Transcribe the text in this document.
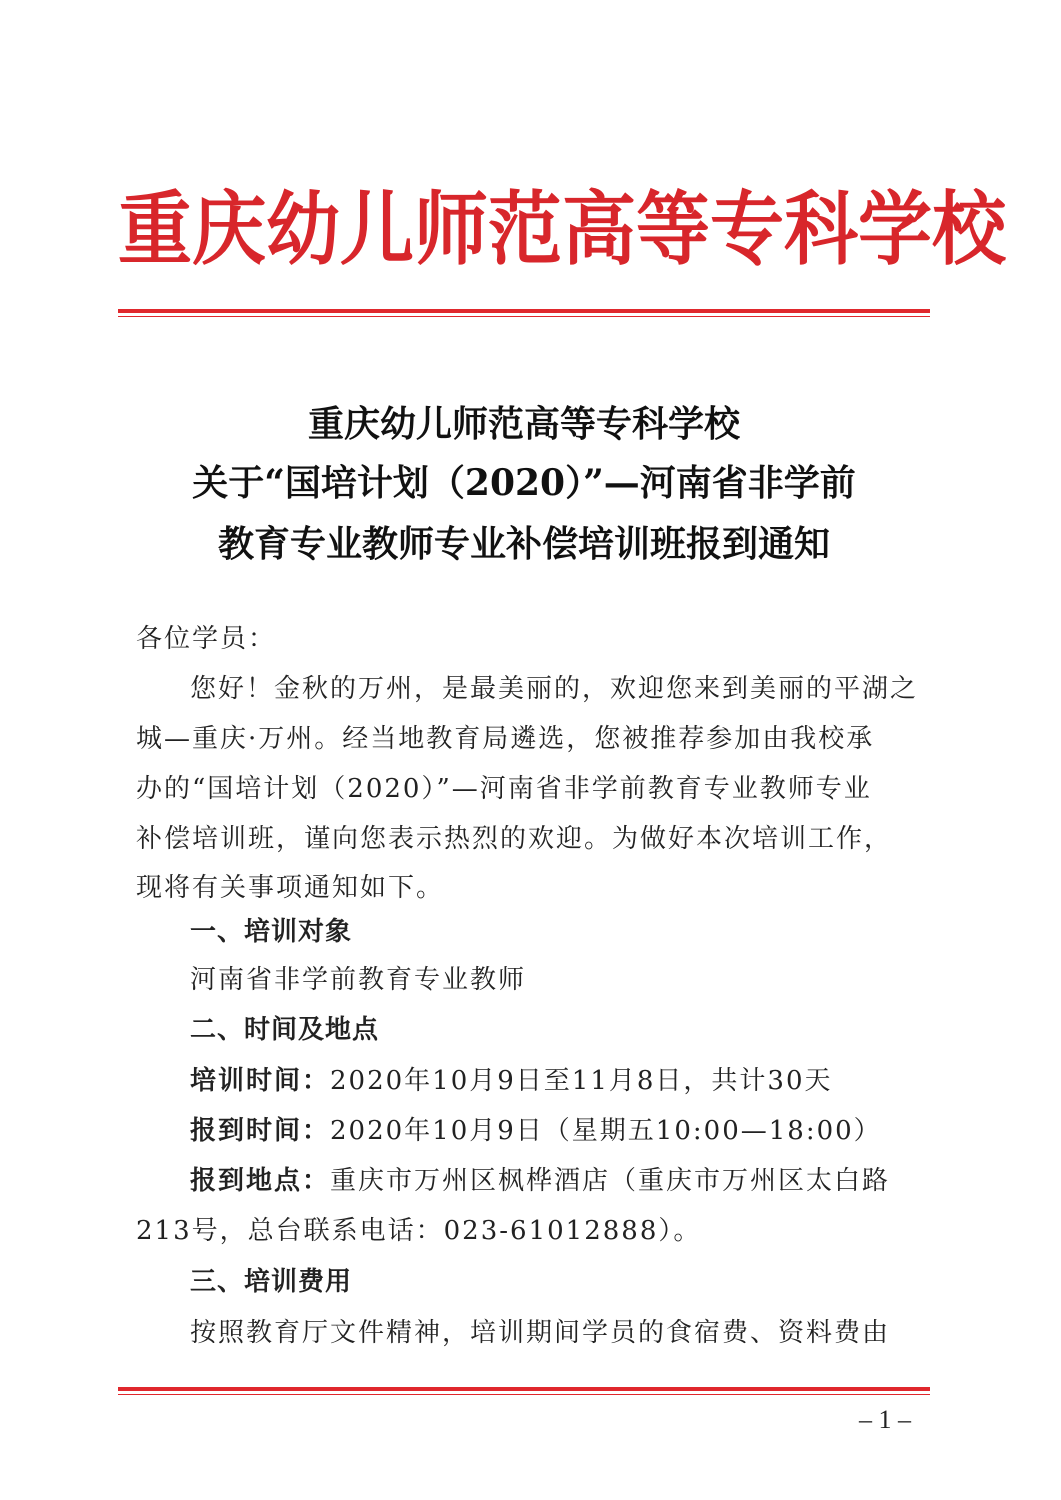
重庆幼儿师范高等专科学校
重庆幼儿师范高等专科学校
关于“国培计划（2020）”—河南省非学前
教育专业教师专业补偿培训班报到通知
各位学员：
您好！金秋的万州，是最美丽的，欢迎您来到美丽的平湖之
城—重庆·万州。经当地教育局遴选，您被推荐参加由我校承
办的“国培计划（2020）”—河南省非学前教育专业教师专业
补偿培训班，谨向您表示热烈的欢迎。为做好本次培训工作，
现将有关事项通知如下。
一、培训对象
河南省非学前教育专业教师
二、时间及地点
培训时间：2020年10月9日至11月8日，共计30天
报到时间：2020年10月9日（星期五10:00—18:00）
报到地点：重庆市万州区枫桦酒店（重庆市万州区太白路
213号，总台联系电话：023-61012888）。
三、培训费用
按照教育厅文件精神，培训期间学员的食宿费、资料费由
– 1 –
